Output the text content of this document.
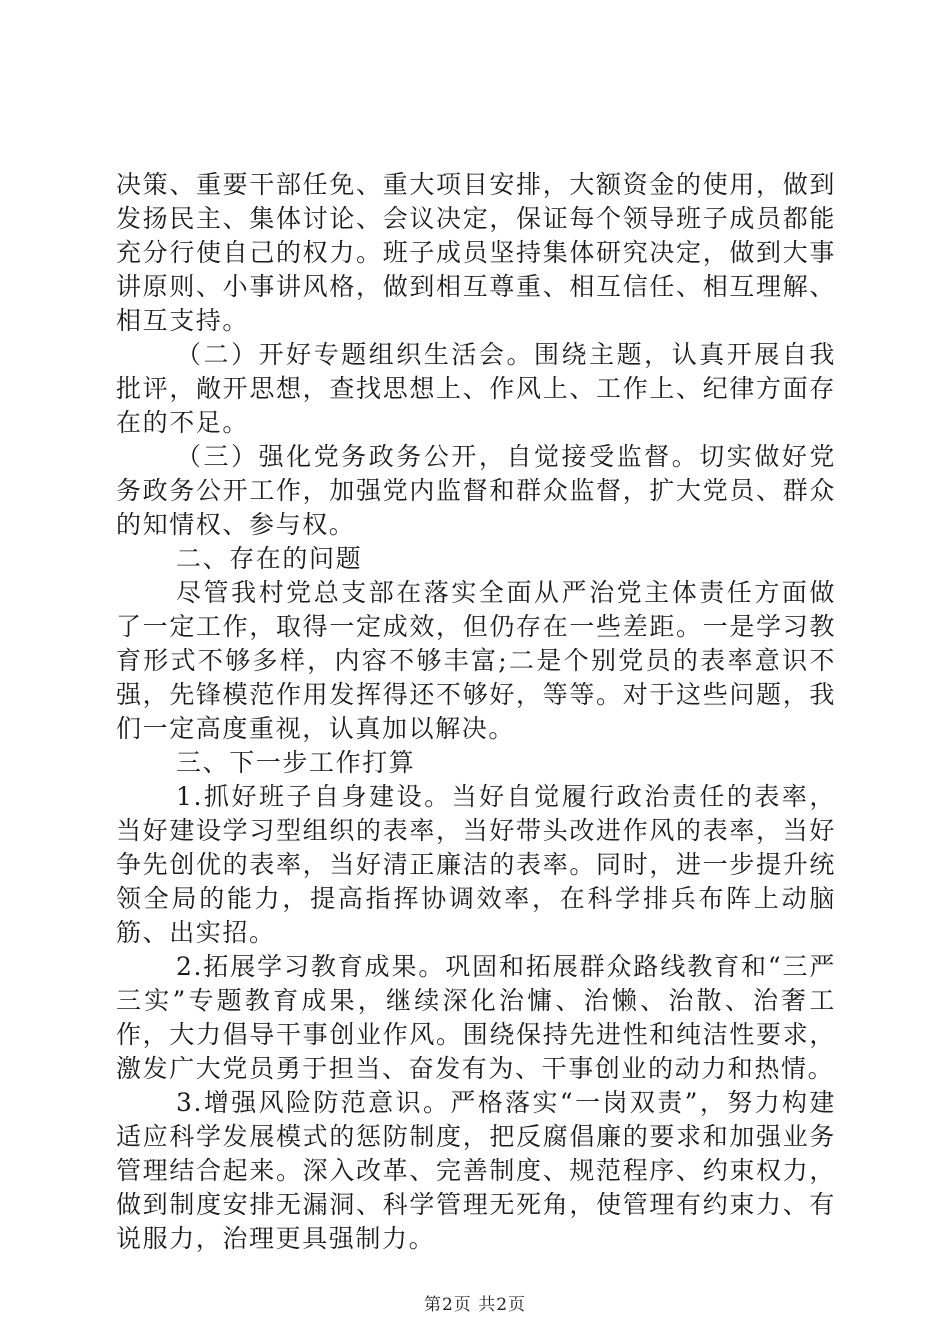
决策、重要干部任免、重大项目安排，大额资金的使用，做到发扬民主、集体讨论、会议决定，保证每个领导班子成员都能充分行使自己的权力。班子成员坚持集体研究决定，做到大事讲原则、小事讲风格，做到相互尊重、相互信任、相互理解、相互支持。

（二）开好专题组织生活会。围绕主题，认真开展自我批评，敞开思想，查找思想上、作风上、工作上、纪律方面存在的不足。

（三）强化党务政务公开，自觉接受监督。切实做好党务政务公开工作，加强党内监督和群众监督，扩大党员、群众的知情权、参与权。

二、存在的问题

尽管我村党总支部在落实全面从严治党主体责任方面做了一定工作，取得一定成效，但仍存在一些差距。一是学习教育形式不够多样，内容不够丰富;二是个别党员的表率意识不强，先锋模范作用发挥得还不够好，等等。对于这些问题，我们一定高度重视，认真加以解决。

三、下一步工作打算

1.抓好班子自身建设。当好自觉履行政治责任的表率，当好建设学习型组织的表率，当好带头改进作风的表率，当好争先创优的表率，当好清正廉洁的表率。同时，进一步提升统领全局的能力，提高指挥协调效率，在科学排兵布阵上动脑筋、出实招。

2.拓展学习教育成果。巩固和拓展群众路线教育和“三严三实”专题教育成果，继续深化治慵、治懒、治散、治奢工作，大力倡导干事创业作风。围绕保持先进性和纯洁性要求，激发广大党员勇于担当、奋发有为、干事创业的动力和热情。

3.增强风险防范意识。严格落实“一岗双责”，努力构建适应科学发展模式的惩防制度，把反腐倡廉的要求和加强业务管理结合起来。深入改革、完善制度、规范程序、约束权力，做到制度安排无漏洞、科学管理无死角，使管理有约束力、有说服力，治理更具强制力。

第2页 共2页
